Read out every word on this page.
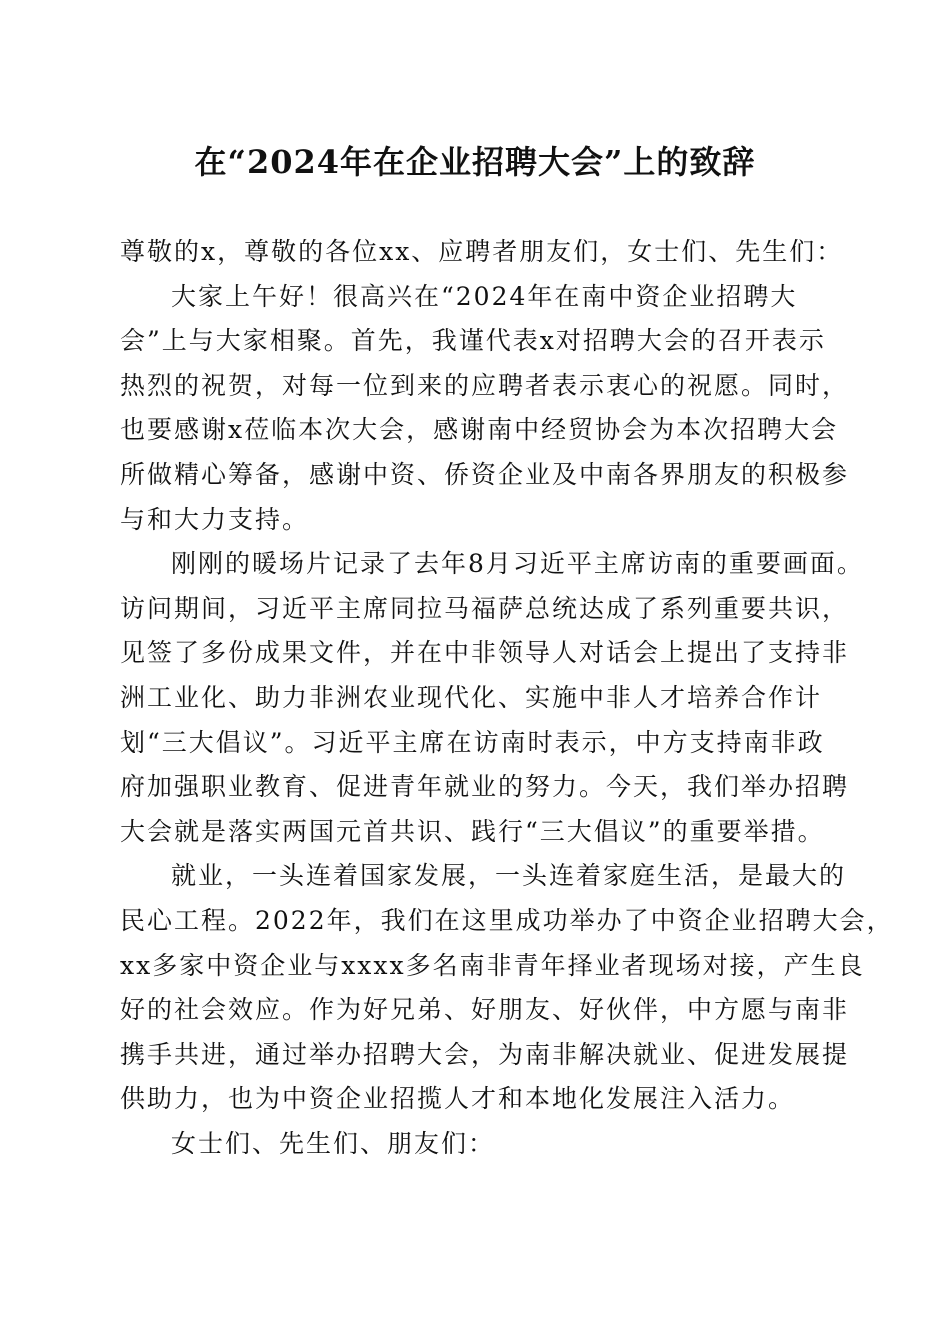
在“2024年在企业招聘大会”上的致辞
尊敬的x，尊敬的各位xx、应聘者朋友们，女士们、先生们：
大家上午好！很高兴在“2024年在南中资企业招聘大
会”上与大家相聚。首先，我谨代表x对招聘大会的召开表示
热烈的祝贺，对每一位到来的应聘者表示衷心的祝愿。同时，
也要感谢x莅临本次大会，感谢南中经贸协会为本次招聘大会
所做精心筹备，感谢中资、侨资企业及中南各界朋友的积极参
与和大力支持。
刚刚的暖场片记录了去年8月习近平主席访南的重要画面。
访问期间，习近平主席同拉马福萨总统达成了系列重要共识，
见签了多份成果文件，并在中非领导人对话会上提出了支持非
洲工业化、助力非洲农业现代化、实施中非人才培养合作计
划“三大倡议”。习近平主席在访南时表示，中方支持南非政
府加强职业教育、促进青年就业的努力。今天，我们举办招聘
大会就是落实两国元首共识、践行“三大倡议”的重要举措。
就业，一头连着国家发展，一头连着家庭生活，是最大的
民心工程。2022年，我们在这里成功举办了中资企业招聘大会，
xx多家中资企业与xxxx多名南非青年择业者现场对接，产生良
好的社会效应。作为好兄弟、好朋友、好伙伴，中方愿与南非
携手共进，通过举办招聘大会，为南非解决就业、促进发展提
供助力，也为中资企业招揽人才和本地化发展注入活力。
女士们、先生们、朋友们：
